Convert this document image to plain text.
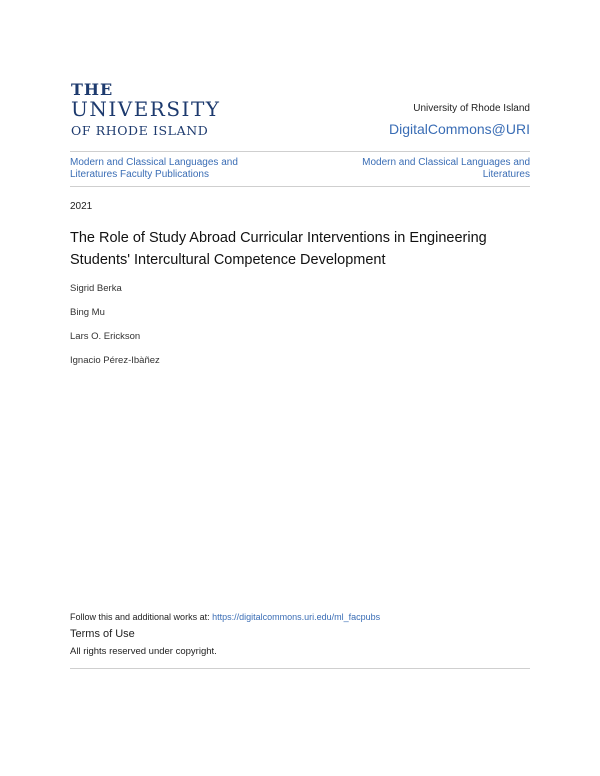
THE
UNIVERSITY
OF RHODE ISLAND
University of Rhode Island
DigitalCommons@URI
Modern and Classical Languages and Literatures Faculty Publications
Modern and Classical Languages and Literatures
2021
The Role of Study Abroad Curricular Interventions in Engineering Students' Intercultural Competence Development
Sigrid Berka
Bing Mu
Lars O. Erickson
Ignacio Pérez-Ibàñez
Follow this and additional works at: https://digitalcommons.uri.edu/ml_facpubs
Terms of Use
All rights reserved under copyright.
